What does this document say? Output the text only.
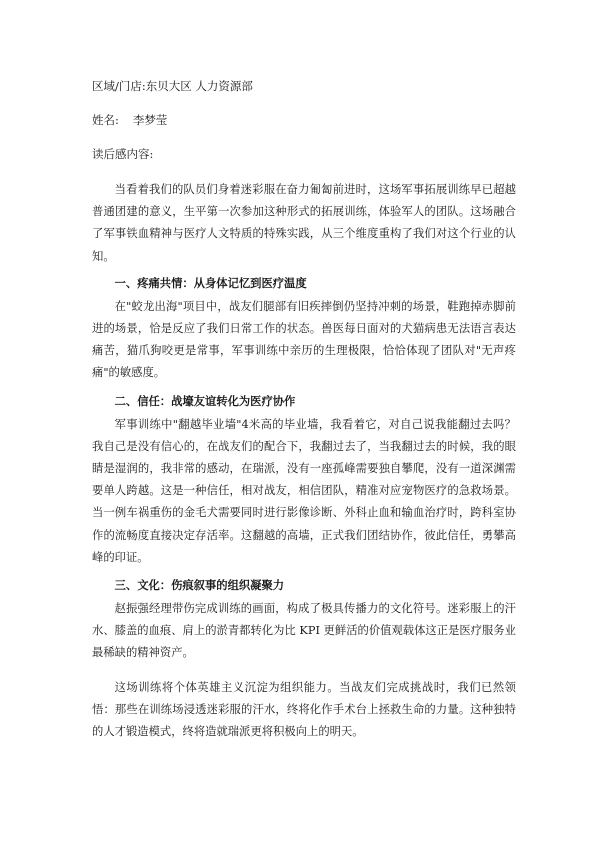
区域/门店:东贝大区 人力资源部

姓名: 李梦莹

读后感内容:

当看着我们的队员们身着迷彩服在奋力匍匐前进时，这场军事拓展训练早已超越普通团建的意义，生平第一次参加这种形式的拓展训练，体验军人的团队。这场融合了军事铁血精神与医疗人文特质的特殊实践，从三个维度重构了我们对这个行业的认知。

一、疼痛共情：从身体记忆到医疗温度

在"蛟龙出海"项目中，战友们腿部有旧疾摔倒仍坚持冲刺的场景，鞋跑掉赤脚前进的场景，恰是反应了我们日常工作的状态。兽医每日面对的犬猫病患无法语言表达痛苦，猫爪狗咬更是常事，军事训练中亲历的生理极限，恰恰体现了团队对"无声疼痛"的敏感度。

二、信任：战壕友谊转化为医疗协作

军事训练中"翻越毕业墙"4米高的毕业墙，我看着它，对自己说我能翻过去吗？我自己是没有信心的，在战友们的配合下，我翻过去了，当我翻过去的时候，我的眼睛是湿润的，我非常的感动，在瑞派，没有一座孤峰需要独自攀爬，没有一道深渊需要单人跨越。这是一种信任，相对战友，相信团队，精准对应宠物医疗的急救场景。当一例车祸重伤的金毛犬需要同时进行影像诊断、外科止血和输血治疗时，跨科室协作的流畅度直接决定存活率。这翻越的高墙，正式我们团结协作，彼此信任，勇攀高峰的印证。

三、文化：伤痕叙事的组织凝聚力

赵振强经理带伤完成训练的画面，构成了极具传播力的文化符号。迷彩服上的汗水、膝盖的血痕、肩上的淤青都转化为比 KPI 更鲜活的价值观载体这正是医疗服务业最稀缺的精神资产。

这场训练将个体英雄主义沉淀为组织能力。当战友们完成挑战时，我们已然领悟：那些在训练场浸透迷彩服的汗水，终将化作手术台上拯救生命的力量。这种独特的人才锻造模式，终将造就瑞派更将积极向上的明天。
